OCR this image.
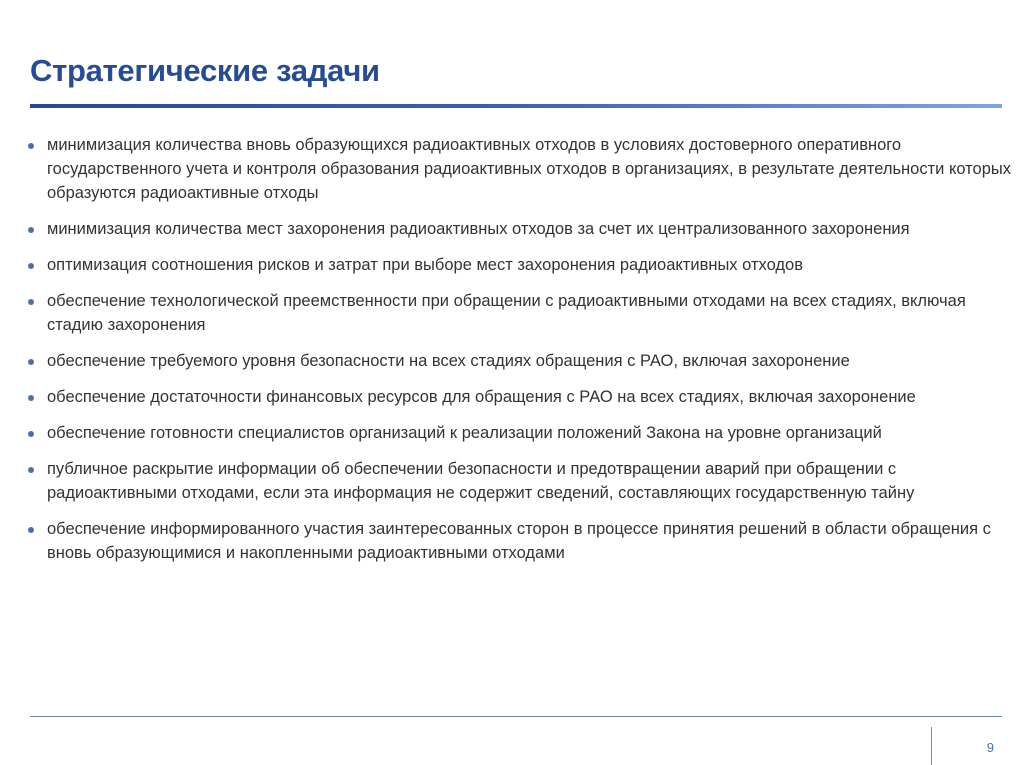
Стратегические задачи
минимизация количества вновь образующихся радиоактивных отходов в условиях достоверного оперативного государственного учета и контроля образования радиоактивных отходов в организациях, в результате деятельности которых образуются радиоактивные отходы
минимизация количества мест захоронения радиоактивных отходов за счет их централизованного захоронения
оптимизация соотношения рисков и затрат при выборе мест захоронения радиоактивных отходов
обеспечение технологической преемственности при обращении с радиоактивными отходами на всех стадиях, включая стадию захоронения
обеспечение требуемого уровня безопасности на всех стадиях обращения с РАО, включая захоронение
обеспечение достаточности финансовых ресурсов для обращения с РАО на всех стадиях, включая захоронение
обеспечение готовности специалистов организаций к реализации положений Закона на уровне организаций
публичное раскрытие информации об обеспечении безопасности и предотвращении аварий при обращении с радиоактивными отходами, если эта информация не содержит сведений, составляющих государственную тайну
обеспечение информированного участия заинтересованных сторон в процессе принятия решений в области обращения с вновь образующимися и накопленными радиоактивными отходами
9
